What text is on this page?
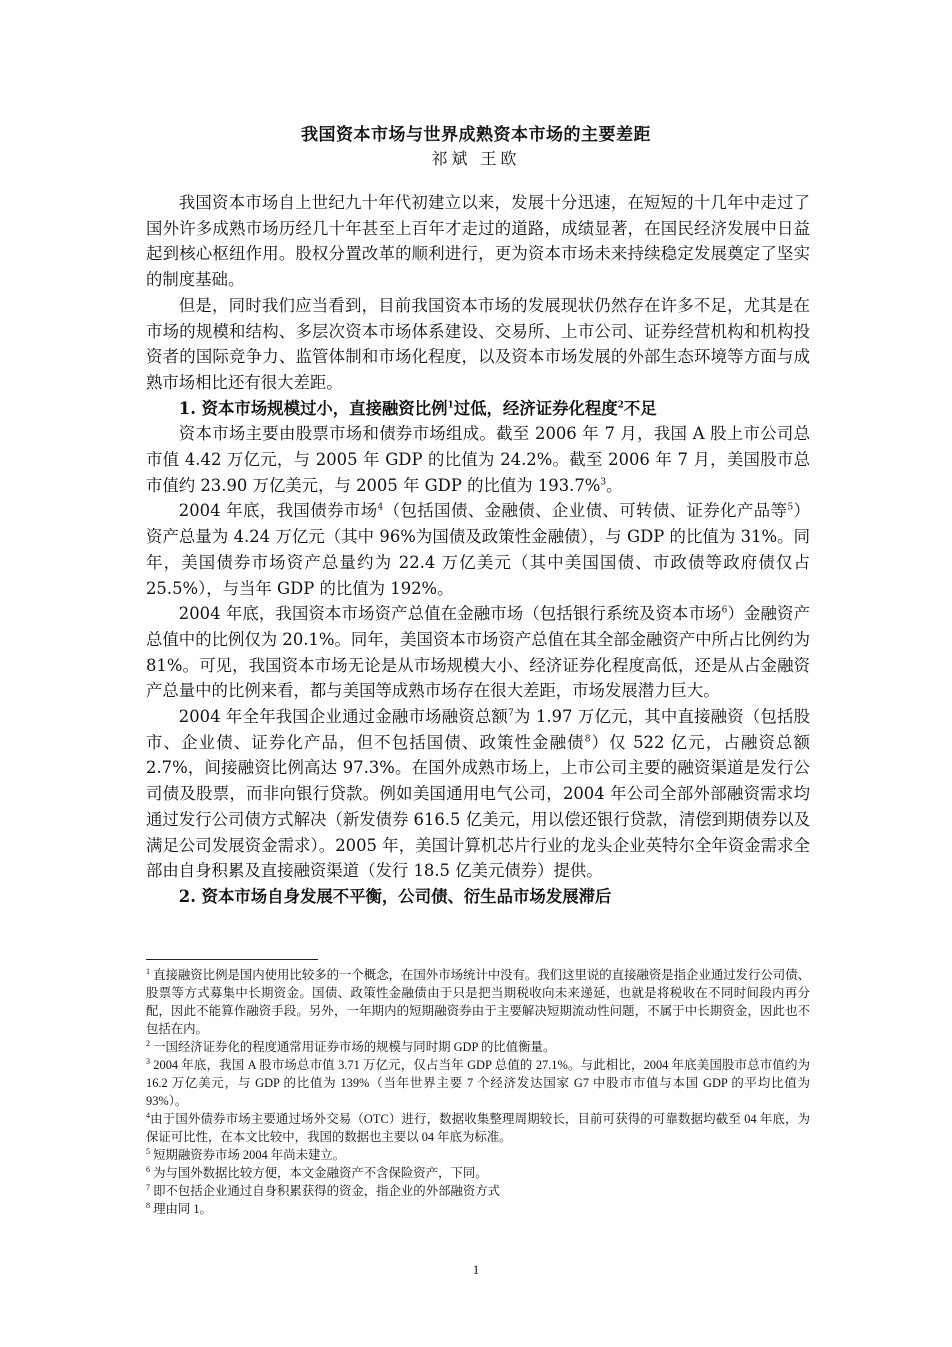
我国资本市场与世界成熟资本市场的主要差距
祁斌 王欧

我国资本市场自上世纪九十年代初建立以来，发展十分迅速，在短短的十几年中走过了国外许多成熟市场历经几十年甚至上百年才走过的道路，成绩显著，在国民经济发展中日益起到核心枢纽作用。股权分置改革的顺利进行，更为资本市场未来持续稳定发展奠定了坚实的制度基础。

但是，同时我们应当看到，目前我国资本市场的发展现状仍然存在许多不足，尤其是在市场的规模和结构、多层次资本市场体系建设、交易所、上市公司、证券经营机构和机构投资者的国际竞争力、监管体制和市场化程度，以及资本市场发展的外部生态环境等方面与成熟市场相比还有很大差距。

1. 资本市场规模过小，直接融资比例$^1$过低，经济证券化程度$^2$不足

资本市场主要由股票市场和债券市场组成。截至 2006 年 7 月，我国 A 股上市公司总市值 4.42 万亿元，与 2005 年 GDP 的比值为 24.2%。截至 2006 年 7 月，美国股市总市值约 23.90 万亿美元，与 2005 年 GDP 的比值为 193.7%$^3$。

2004 年底，我国债券市场$^4$（包括国债、金融债、企业债、可转债、证券化产品等$^5$）资产总量为 4.24 万亿元（其中 96%为国债及政策性金融债），与 GDP 的比值为 31%。同年，美国债券市场资产总量约为 22.4 万亿美元（其中美国国债、市政债等政府债仅占 25.5%），与当年 GDP 的比值为 192%。

2004 年底，我国资本市场资产总值在金融市场（包括银行系统及资本市场$^6$）金融资产总值中的比例仅为 20.1%。同年，美国资本市场资产总值在其全部金融资产中所占比例约为 81%。可见，我国资本市场无论是从市场规模大小、经济证券化程度高低，还是从占金融资产总量中的比例来看，都与美国等成熟市场存在很大差距，市场发展潜力巨大。

2004 年全年我国企业通过金融市场融资总额$^7$为 1.97 万亿元，其中直接融资（包括股市、企业债、证券化产品，但不包括国债、政策性金融债$^8$）仅 522 亿元，占融资总额 2.7%，间接融资比例高达 97.3%。在国外成熟市场上，上市公司主要的融资渠道是发行公司债及股票，而非向银行贷款。例如美国通用电气公司，2004 年公司全部外部融资需求均通过发行公司债方式解决（新发债券 616.5 亿美元，用以偿还银行贷款，清偿到期债券以及满足公司发展资金需求）。2005 年，美国计算机芯片行业的龙头企业英特尔全年资金需求全部由自身积累及直接融资渠道（发行 18.5 亿美元债券）提供。

2. 资本市场自身发展不平衡，公司债、衍生品市场发展滞后

$^1$ 直接融资比例是国内使用比较多的一个概念，在国外市场统计中没有。我们这里说的直接融资是指企业通过发行公司债、股票等方式募集中长期资金。国债、政策性金融债由于只是把当期税收向未来递延，也就是将税收在不同时间段内再分配，因此不能算作融资手段。另外，一年期内的短期融资券由于主要解决短期流动性问题，不属于中长期资金，因此也不包括在内。

$^2$ 一国经济证券化的程度通常用证券市场的规模与同时期 GDP 的比值衡量。

$^3$ 2004 年底，我国 A 股市场总市值 3.71 万亿元，仅占当年 GDP 总值的 27.1%。与此相比，2004 年底美国股市总市值约为 16.2 万亿美元，与 GDP 的比值为 139%（当年世界主要 7 个经济发达国家 G7 中股市市值与本国 GDP 的平均比值为 93%）。

$^4$由于国外债券市场主要通过场外交易（OTC）进行，数据收集整理周期较长，目前可获得的可靠数据均截至 04 年底，为保证可比性，在本文比较中，我国的数据也主要以 04 年底为标准。

$^5$ 短期融资券市场 2004 年尚未建立。

$^6$ 为与国外数据比较方便，本文金融资产不含保险资产，下同。

$^7$ 即不包括企业通过自身积累获得的资金，指企业的外部融资方式

$^8$ 理由同 1。

1
